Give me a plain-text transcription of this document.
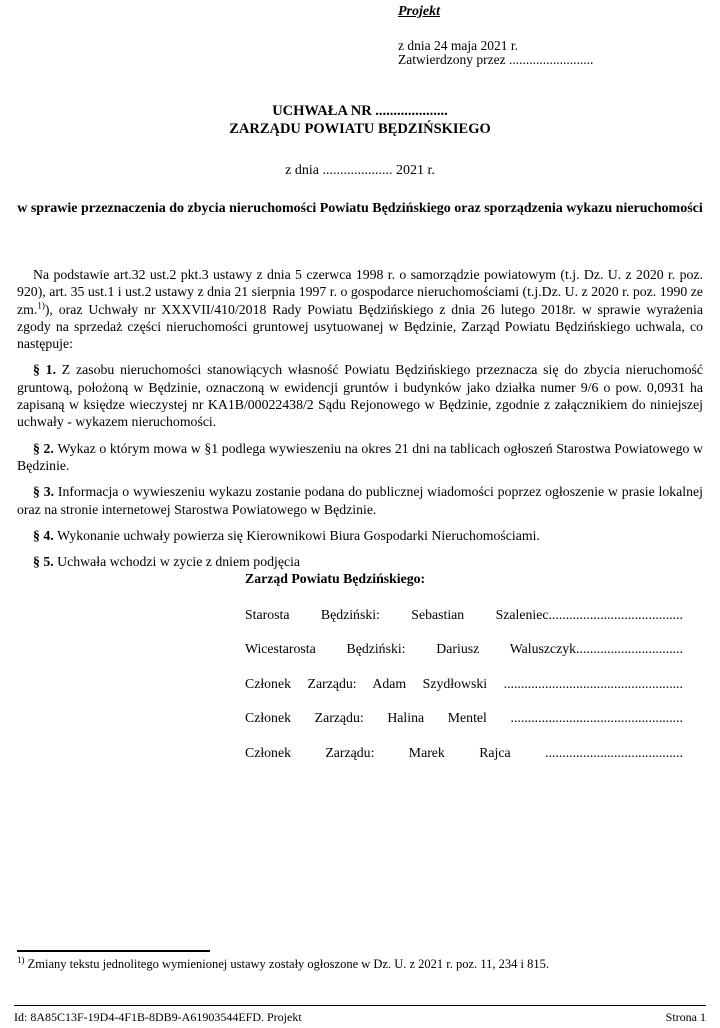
Projekt
z dnia 24 maja 2021 r.
Zatwierdzony przez .........................
UCHWAŁA NR ....................
ZARZĄDU POWIATU BĘDZIŃSKIEGO
z dnia .................... 2021 r.
w sprawie przeznaczenia do zbycia nieruchomości Powiatu Będzińskiego oraz sporządzenia wykazu nieruchomości

Na podstawie art.32 ust.2 pkt.3 ustawy z dnia 5 czerwca 1998 r. o samorządzie powiatowym (t.j. Dz. U. z 2020 r. poz. 920), art. 35 ust.1 i ust.2 ustawy z dnia 21 sierpnia 1997 r. o gospodarce nieruchomościami (t.j.Dz. U. z 2020 r. poz. 1990 ze zm.$^{1)}$), oraz Uchwały nr XXXVII/410/2018 Rady Powiatu Będzińskiego z dnia 26 lutego 2018r. w sprawie wyrażenia zgody na sprzedaż części nieruchomości gruntowej usytuowanej w Będzinie, Zarząd Powiatu Będzińskiego uchwala, co następuje:

§ 1. Z zasobu nieruchomości stanowiących własność Powiatu Będzińskiego przeznacza się do zbycia nieruchomość gruntową, położoną w Będzinie, oznaczoną w ewidencji gruntów i budynków jako działka numer 9/6 o pow. 0,0931 ha zapisaną w księdze wieczystej nr KA1B/00022438/2 Sądu Rejonowego w Będzinie, zgodnie z załącznikiem do niniejszej uchwały - wykazem nieruchomości.

§ 2. Wykaz o którym mowa w §1 podlega wywieszeniu na okres 21 dni na tablicach ogłoszeń Starostwa Powiatowego w Będzinie.

§ 3. Informacja o wywieszeniu wykazu zostanie podana do publicznej wiadomości poprzez ogłoszenie w prasie lokalnej oraz na stronie internetowej Starostwa Powiatowego w Będzinie.

§ 4. Wykonanie uchwały powierza się Kierownikowi Biura Gospodarki Nieruchomościami.

§ 5. Uchwała wchodzi w zycie z dniem podjęcia

Zarząd Powiatu Będzińskiego:
Starosta Będziński: Sebastian Szaleniec.......................................
Wicestarosta Będziński: Dariusz Waluszczyk...............................
Członek Zarządu: Adam Szydłowski ....................................................
Członek Zarządu: Halina Mentel ..................................................
Członek Zarządu: Marek Rajca ........................................
$^{1)}$ Zmiany tekstu jednolitego wymienionej ustawy zostały ogłoszone w Dz. U. z 2021 r. poz. 11, 234 i 815.
Id: 8A85C13F-19D4-4F1B-8DB9-A61903544EFD. Projekt	Strona 1
